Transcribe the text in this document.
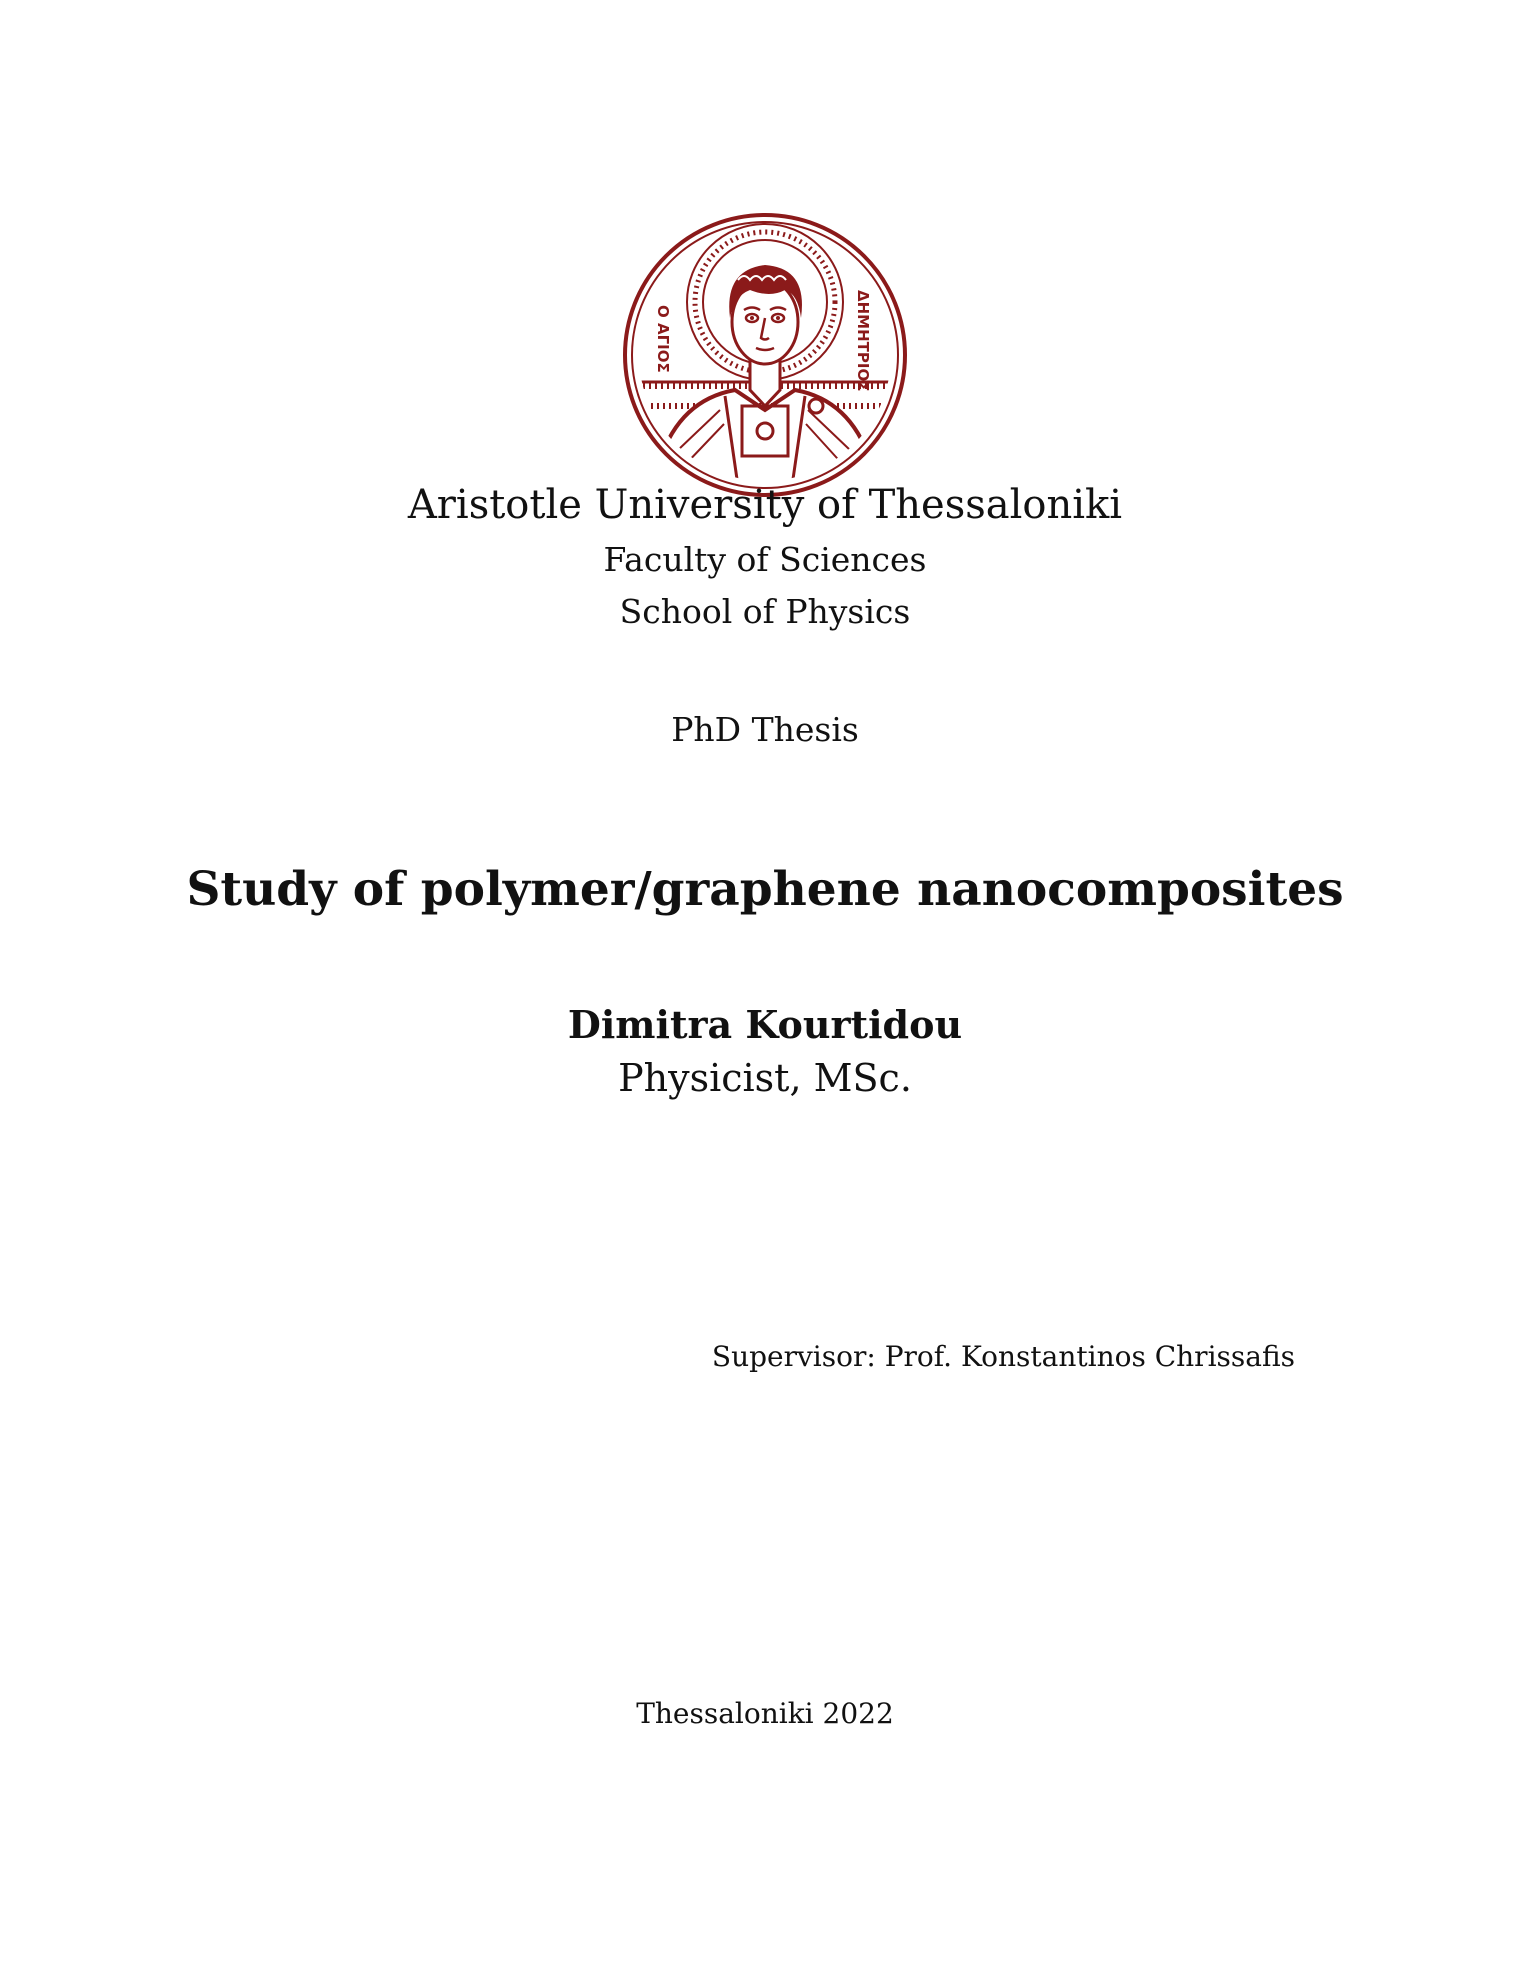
Ο ΑΓΙΟΣ	ΔΗΜΗΤΡΙΟΣ
Aristotle University of Thessaloniki
Faculty of Sciences
School of Physics
PhD Thesis
Study of polymer/graphene nanocomposites
Dimitra Kourtidou
Physicist, MSc.
Supervisor: Prof. Konstantinos Chrissafis
Thessaloniki 2022
